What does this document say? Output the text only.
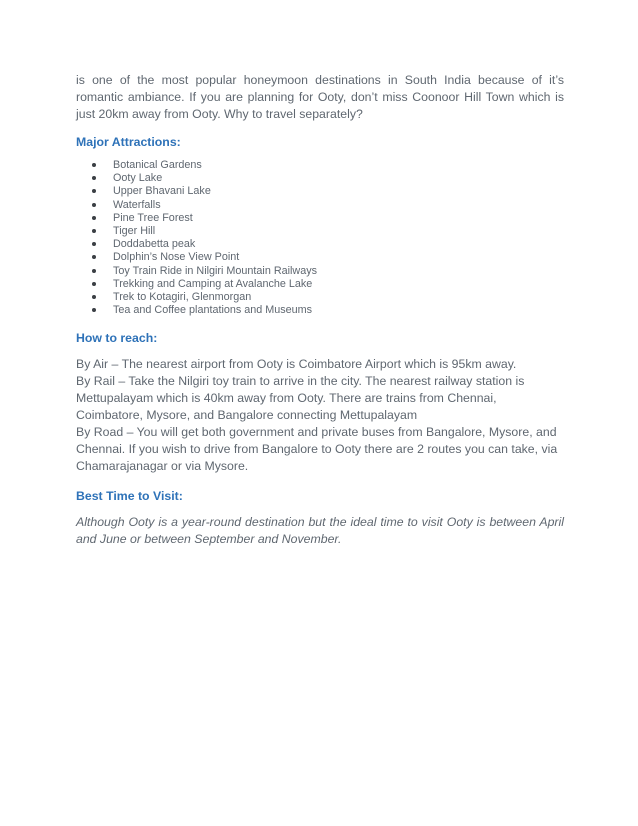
is one of the most popular honeymoon destinations in South India because of it’s romantic ambiance. If you are planning for Ooty, don’t miss Coonoor Hill Town which is just 20km away from Ooty. Why to travel separately?

Major Attractions:

Botanical Gardens
Ooty Lake
Upper Bhavani Lake
Waterfalls
Pine Tree Forest
Tiger Hill
Doddabetta peak
Dolphin’s Nose View Point
Toy Train Ride in Nilgiri Mountain Railways
Trekking and Camping at Avalanche Lake
Trek to Kotagiri, Glenmorgan
Tea and Coffee plantations and Museums

How to reach:

By Air – The nearest airport from Ooty is Coimbatore Airport which is 95km away.

By Rail – Take the Nilgiri toy train to arrive in the city. The nearest railway station is Mettupalayam which is 40km away from Ooty. There are trains from Chennai, Coimbatore, Mysore, and Bangalore connecting Mettupalayam

By Road – You will get both government and private buses from Bangalore, Mysore, and Chennai. If you wish to drive from Bangalore to Ooty there are 2 routes you can take, via Chamarajanagar or via Mysore.

Best Time to Visit:

Although Ooty is a year-round destination but the ideal time to visit Ooty is between April and June or between September and November.
